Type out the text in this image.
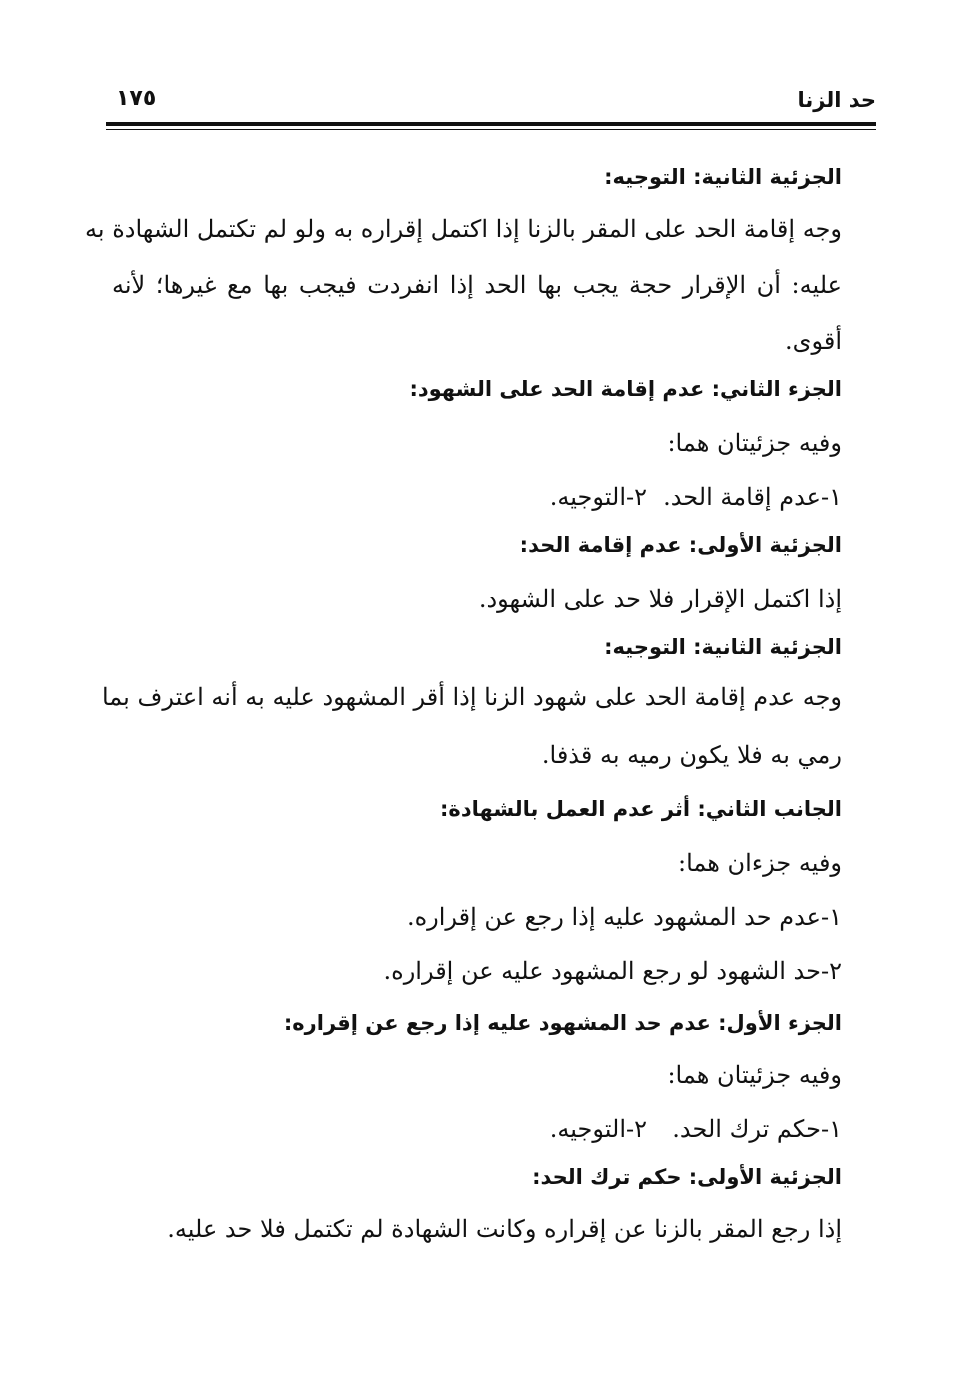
حد الزنا
١٧٥
الجزئية الثانية: التوجيه:
وجه إقامة الحد على المقر بالزنا إذا اكتمل إقراره به ولو لم تكتمل الشهادة به
عليه: أن الإقرار حجة يجب بها الحد إذا انفردت فيجب بها مع غيرها؛ لأنه
أقوى.
الجزء الثاني: عدم إقامة الحد على الشهود:
وفيه جزئيتان هما:
١-عدم إقامة الحد.
٢-التوجيه.
الجزئية الأولى: عدم إقامة الحد:
إذا اكتمل الإقرار فلا حد على الشهود.
الجزئية الثانية: التوجيه:
وجه عدم إقامة الحد على شهود الزنا إذا أقر المشهود عليه به أنه اعترف بما
رمي به فلا يكون رميه به قذفا.
الجانب الثاني: أثر عدم العمل بالشهادة:
وفيه جزءان هما:
١-عدم حد المشهود عليه إذا رجع عن إقراره.
٢-حد الشهود لو رجع المشهود عليه عن إقراره.
الجزء الأول: عدم حد المشهود عليه إذا رجع عن إقراره:
وفيه جزئيتان هما:
١-حكم ترك الحد.
٢-التوجيه.
الجزئية الأولى: حكم ترك الحد:
إذا رجع المقر بالزنا عن إقراره وكانت الشهادة لم تكتمل فلا حد عليه.
